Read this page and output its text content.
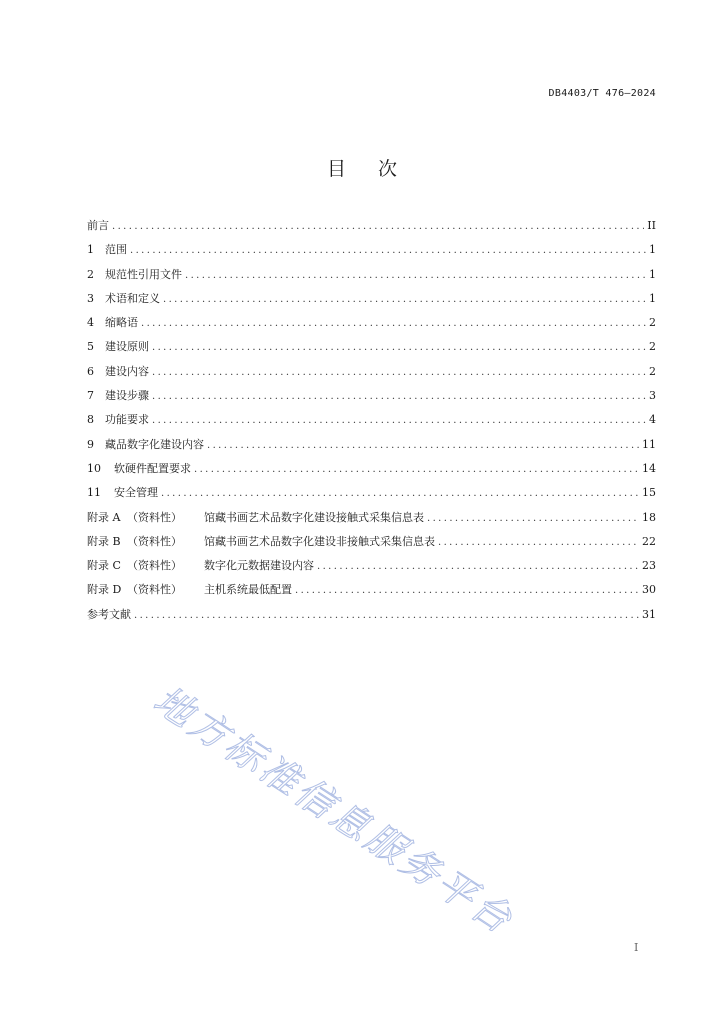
DB4403/T 476—2024
目次
前言 .....	II
1	范围 .....	1
2	规范性引用文件 .....	1
3	术语和定义 .....	1
4	缩略语 .....	2
5	建设原则 .....	2
6	建设内容 .....	2
7	建设步骤 .....	3
8	功能要求 .....	4
9	藏品数字化建设内容 .....	11
10	软硬件配置要求 .....	14
11	安全管理 .....	15
附录 A （资料性）	馆藏书画艺术品数字化建设接触式采集信息表 .....	18
附录 B （资料性）	馆藏书画艺术品数字化建设非接触式采集信息表 .....	22
附录 C （资料性）	数字化元数据建设内容 .....	23
附录 D （资料性）	主机系统最低配置 .....	30
参考文献 .....	31
地方标准信息服务平台
I
